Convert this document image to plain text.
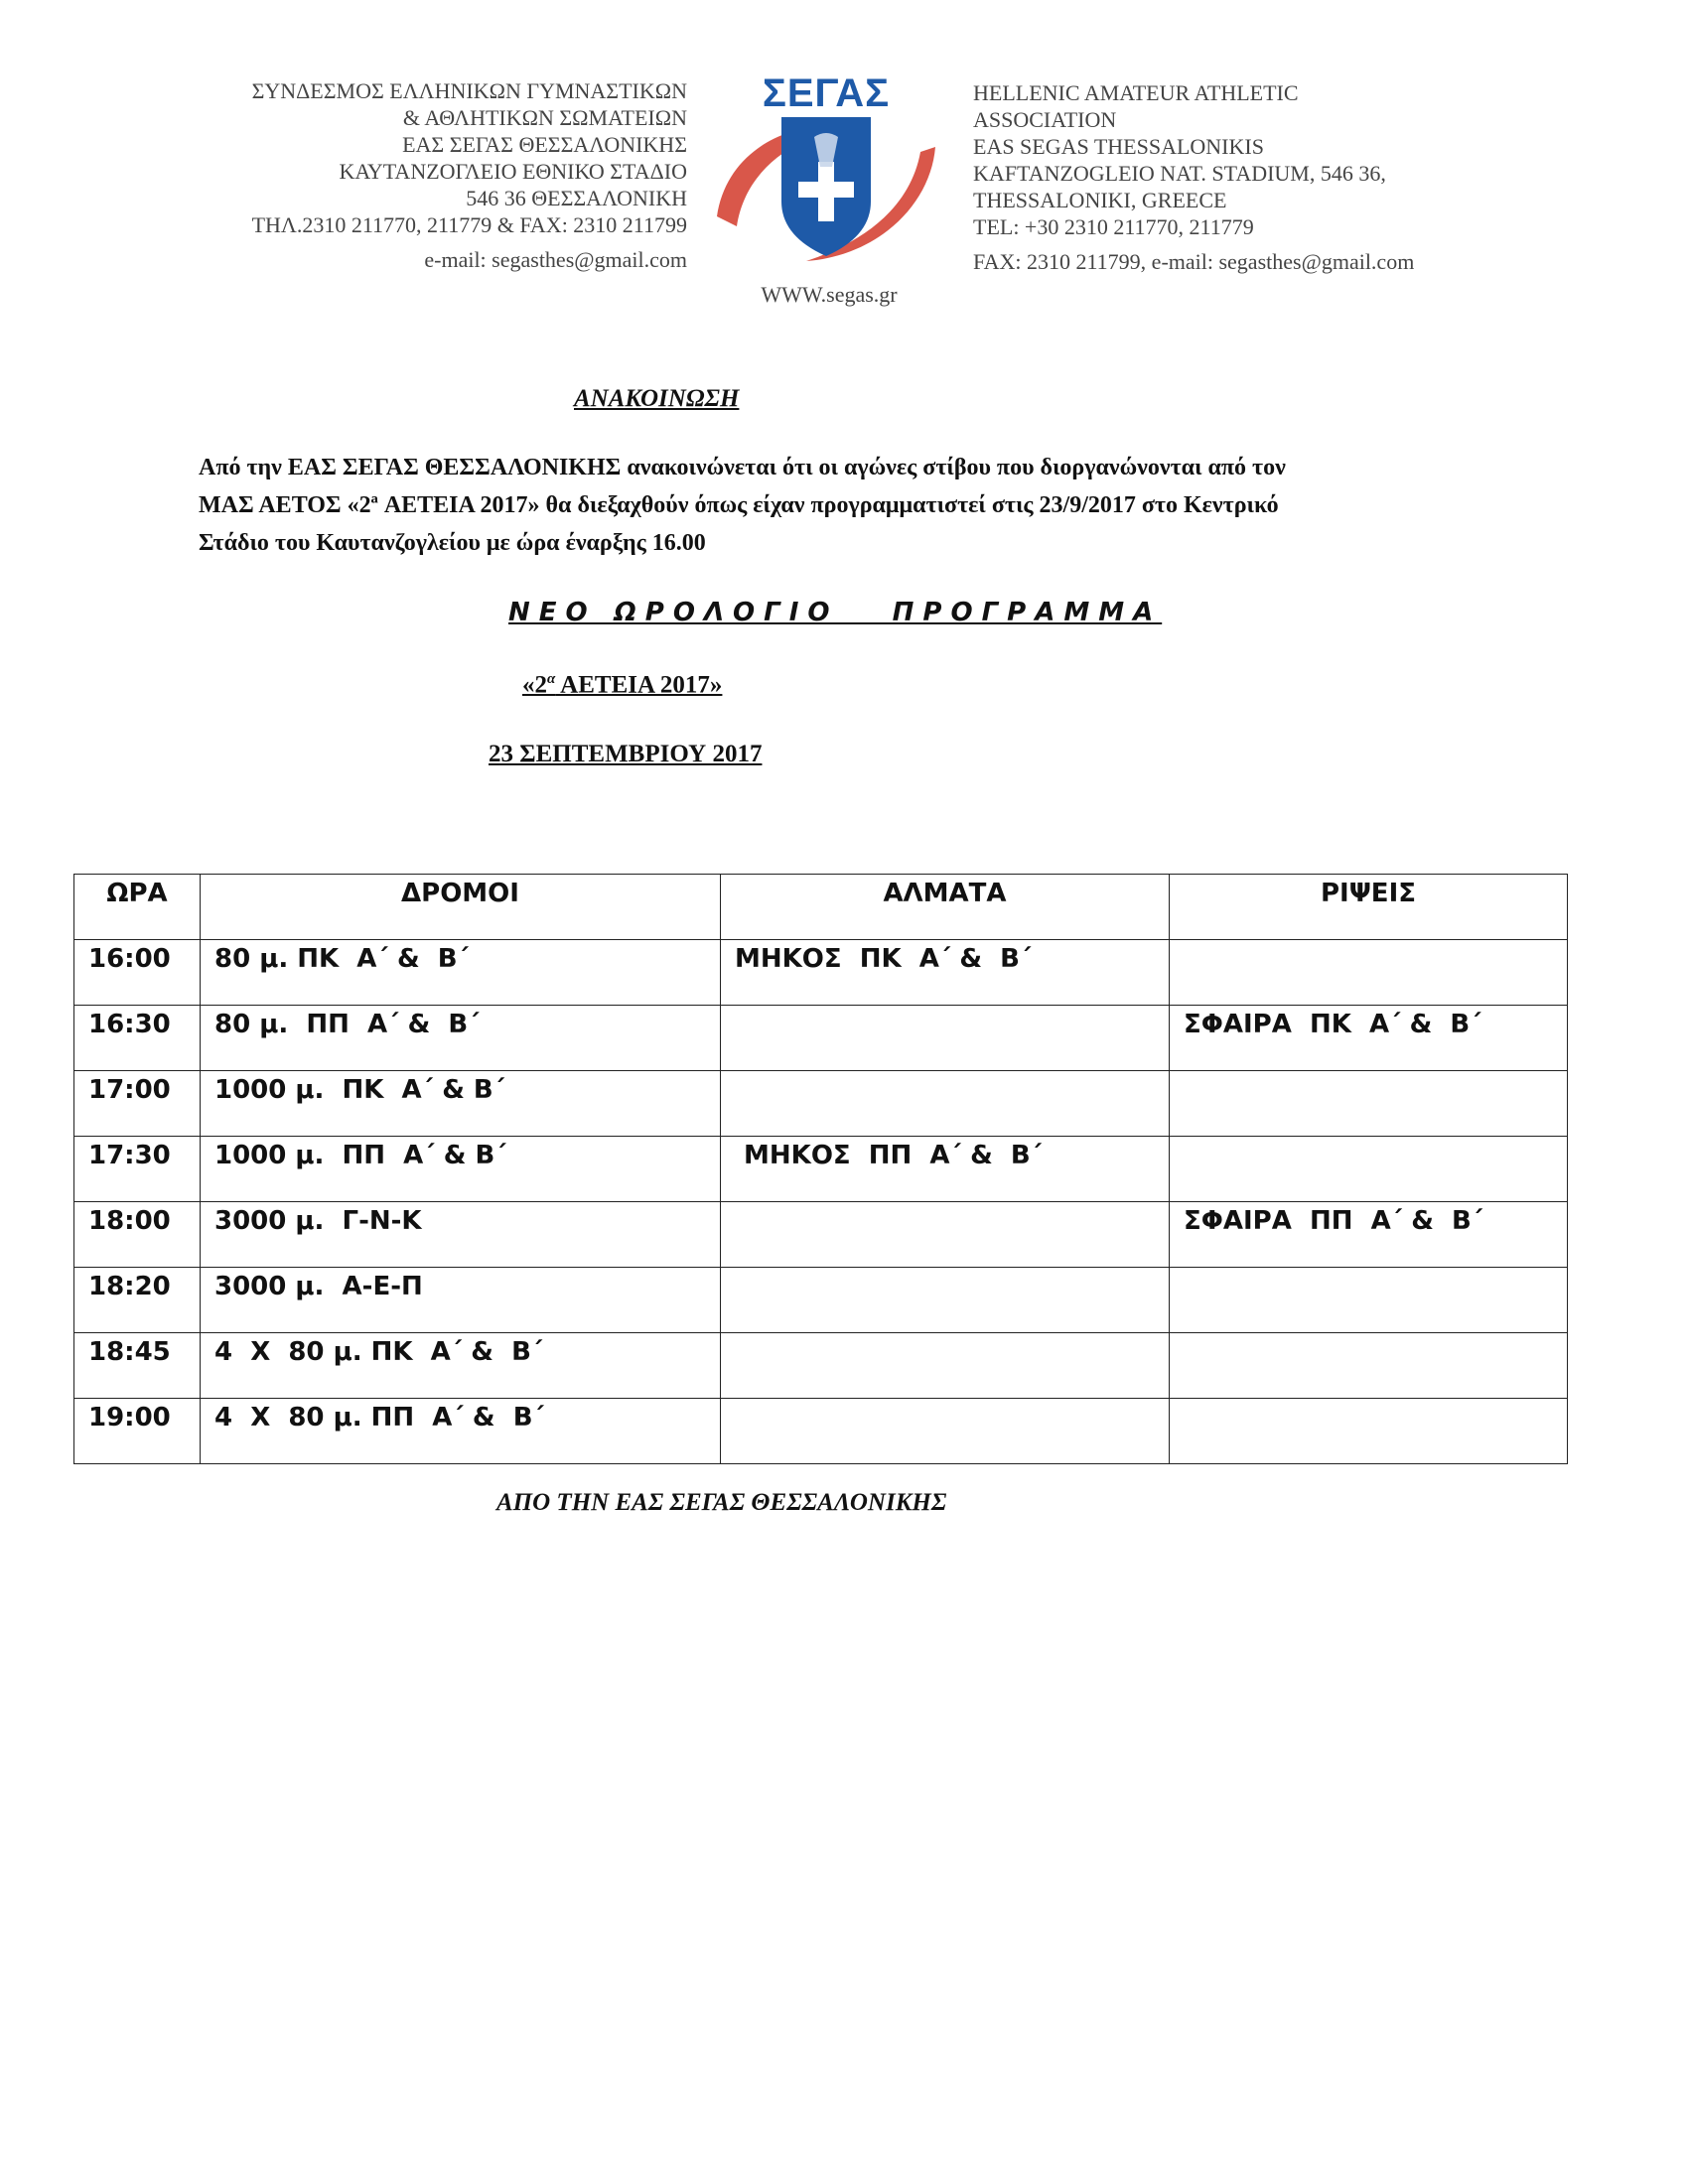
ΣΥΝΔΕΣΜΟΣ ΕΛΛΗΝΙΚΩΝ ΓΥΜΝΑΣΤΙΚΩΝ
& ΑΘΛΗΤΙΚΩΝ ΣΩΜΑΤΕΙΩΝ
ΕΑΣ ΣΕΓΑΣ ΘΕΣΣΑΛΟΝΙΚΗΣ
ΚΑΥΤΑΝΖΟΓΛΕΙΟ ΕΘΝΙΚΟ ΣΤΑΔΙΟ
546 36 ΘΕΣΣΑΛΟΝΙΚΗ
ΤΗΛ.2310 211770, 211779 & FAX: 2310 211799
e-mail: segasthes@gmail.com
ΣΕΓΑΣ
WWW.segas.gr
HELLENIC AMATEUR ATHLETIC
ASSOCIATION
EAS SEGAS THESSALONIKIS
KAFTANZOGLEIO NAT. STADIUM, 546 36,
THESSALONIKI, GREECE
TEL: +30 2310 211770, 211779
FAX: 2310 211799, e-mail: segasthes@gmail.com
ΑΝΑΚΟΙΝΩΣΗ
Από την ΕΑΣ ΣΕΓΑΣ ΘΕΣΣΑΛΟΝΙΚΗΣ ανακοινώνεται ότι οι αγώνες στίβου που διοργανώνονται από τον
ΜΑΣ ΑΕΤΟΣ «2ª ΑΕΤΕΙΑ 2017» θα διεξαχθούν όπως είχαν προγραμματιστεί στις 23/9/2017 στο Κεντρικό
Στάδιο του Καυτανζογλείου με ώρα έναρξης 16.00
ΝΕΟ ΩΡΟΛΟΓΙΟ   ΠΡΟΓΡΑΜΜΑ
«$2^\alpha$ ΑΕΤΕΙΑ 2017»
23 ΣΕΠΤΕΜΒΡΙΟΥ 2017
ΩΡΑ	ΔΡΟΜΟΙ	ΑΛΜΑΤΑ	ΡΙΨΕΙΣ
16:00	80 μ. ΠΚ  Α΄ &  Β΄	ΜΗΚΟΣ  ΠΚ  Α΄ &  Β΄	
16:30	80 μ.  ΠΠ  Α΄ &  Β΄		ΣΦΑΙΡΑ  ΠΚ  Α΄ &  Β΄
17:00	1000 μ.  ΠΚ  Α΄ & Β΄		
17:30	1000 μ.  ΠΠ  Α΄ & Β΄	ΜΗΚΟΣ  ΠΠ  Α΄ &  Β΄	
18:00	3000 μ.  Γ-Ν-Κ		ΣΦΑΙΡΑ  ΠΠ  Α΄ &  Β΄
18:20	3000 μ.  Α-Ε-Π		
18:45	4  Χ  80 μ. ΠΚ  Α΄ &  Β΄		
19:00	4  Χ  80 μ. ΠΠ  Α΄ &  Β΄		
ΑΠΟ ΤΗΝ ΕΑΣ ΣΕΓΑΣ ΘΕΣΣΑΛΟΝΙΚΗΣ
